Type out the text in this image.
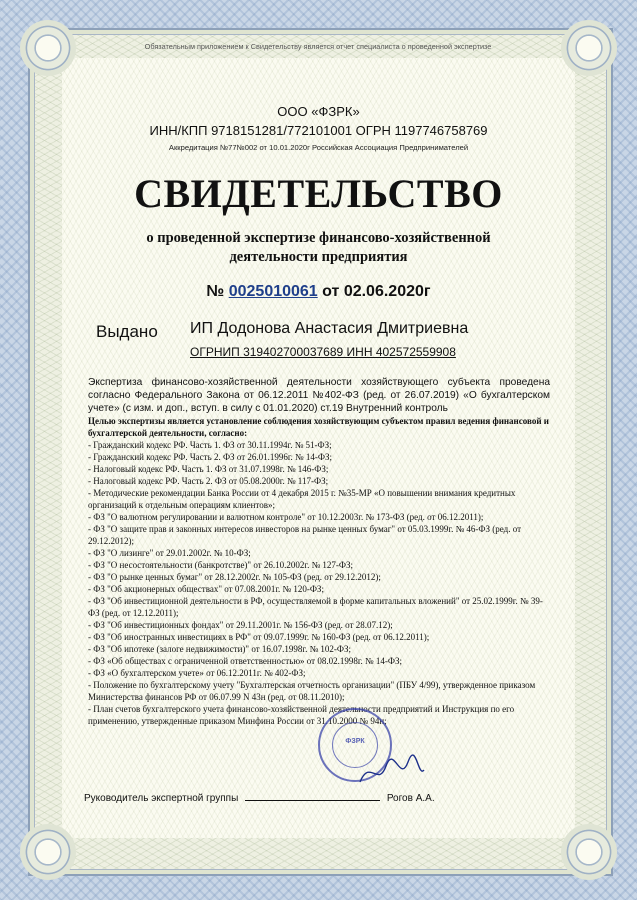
Обязательным приложением к Свидетельству является отчет специалиста о проведенной экспертизе
ООО «ФЗРК»
ИНН/КПП 9718151281/772101001 ОГРН 1197746758769
Аккредитация №77№002 от 10.01.2020г Российская Ассоциация Предпринимателей
СВИДЕТЕЛЬСТВО
о проведенной экспертизе финансово-хозяйственной
деятельности предприятия
№ 0025010061 от 02.06.2020г
Выдано ИП Додонова Анастасия Дмитриевна
ОГРНИП 319402700037689 ИНН 402572559908

Экспертиза финансово-хозяйственной деятельности хозяйствующего субъекта проведена согласно Федерального Закона от 06.12.2011 №402-ФЗ (ред. от 26.07.2019) «О бухгалтерском учете» (с изм. и доп., вступ. в силу с 01.01.2020) ст.19 Внутренний контроль

Целью экспертизы является установление соблюдения хозяйствующим субъектом правил ведения финансовой и бухгалтерской деятельности, согласно:

- Гражданский кодекс РФ. Часть 1. ФЗ от 30.11.1994г. № 51-ФЗ;

- Гражданский кодекс РФ. Часть 2. ФЗ от 26.01.1996г. № 14-ФЗ;

- Налоговый кодекс РФ. Часть 1. ФЗ от 31.07.1998г. № 146-ФЗ;

- Налоговый кодекс РФ. Часть 2. ФЗ от 05.08.2000г. № 117-ФЗ;

- Методические рекомендации Банка России от 4 декабря 2015 г. №35-МР «О повышении внимания кредитных организаций к отдельным операциям клиентов»;

- ФЗ "О валютном регулировании и валютном контроле" от 10.12.2003г. № 173-ФЗ (ред. от 06.12.2011);

- ФЗ "О защите прав и законных интересов инвесторов на рынке ценных бумаг" от 05.03.1999г. № 46-ФЗ (ред. от 29.12.2012);

- ФЗ "О лизинге" от 29.01.2002г. № 10-ФЗ;

- ФЗ "О несостоятельности (банкротстве)" от 26.10.2002г. № 127-ФЗ;

- ФЗ "О рынке ценных бумаг" от 28.12.2002г. № 105-ФЗ (ред. от 29.12.2012);

- ФЗ "Об акционерных обществах" от 07.08.2001г. № 120-ФЗ;

- ФЗ "Об инвестиционной деятельности в РФ, осуществляемой в форме капитальных вложений" от 25.02.1999г. № 39-ФЗ (ред. от 12.12.2011);

- ФЗ "Об инвестиционных фондах" от 29.11.2001г. № 156-ФЗ (ред. от 28.07.12);

- ФЗ "Об иностранных инвестициях в РФ" от 09.07.1999г. № 160-ФЗ (ред. от 06.12.2011);

- ФЗ "Об ипотеке (залоге недвижимости)" от 16.07.1998г. № 102-ФЗ;

- ФЗ «Об обществах с ограниченной ответственностью» от 08.02.1998г. № 14-ФЗ;

- ФЗ «О бухгалтерском учете» от 06.12.2011г. № 402-ФЗ;

- Положение по бухгалтерскому учету "Бухгалтерская отчетность организации" (ПБУ 4/99), утвержденное приказом Министерства финансов РФ от 06.07.99 N 43н (ред. от 08.11.2010);

- План счетов бухгалтерского учета финансово-хозяйственной деятельности предприятий и Инструкция по его применению, утвержденные приказом Минфина России от 31.10.2000 № 94н;

ФЗРК
Руководитель экспертной группы	Рогов А.А.
